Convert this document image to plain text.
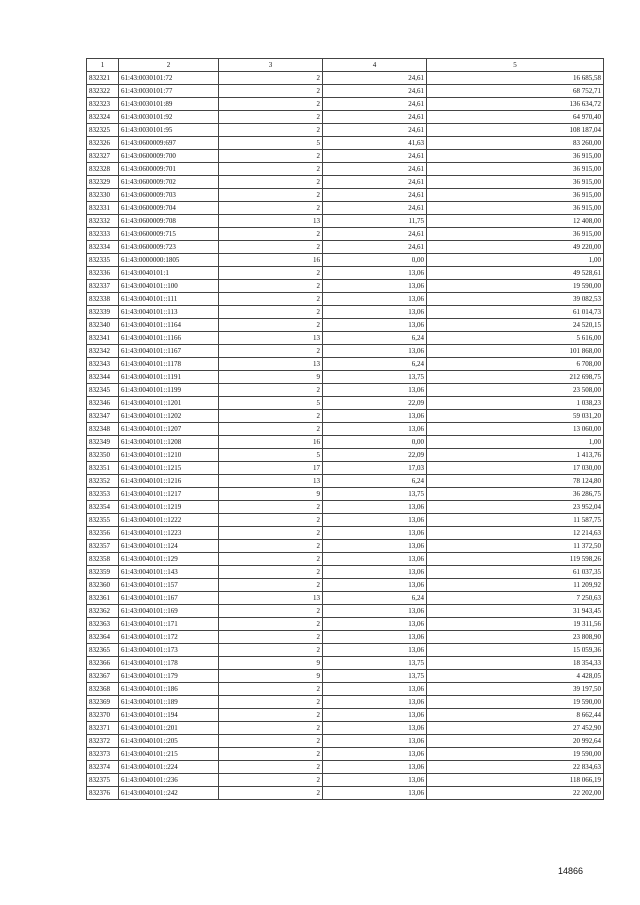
1	2	3	4	5
832321	61:43:0030101:72	2	24,61	16 685,58
832322	61:43:0030101:77	2	24,61	68 752,71
832323	61:43:0030101:89	2	24,61	136 634,72
832324	61:43:0030101:92	2	24,61	64 970,40
832325	61:43:0030101:95	2	24,61	108 187,04
832326	61:43:0600009:697	5	41,63	83 260,00
832327	61:43:0600009:700	2	24,61	36 915,00
832328	61:43:0600009:701	2	24,61	36 915,00
832329	61:43:0600009:702	2	24,61	36 915,00
832330	61:43:0600009:703	2	24,61	36 915,00
832331	61:43:0600009:704	2	24,61	36 915,00
832332	61:43:0600009:708	13	11,75	12 408,00
832333	61:43:0600009:715	2	24,61	36 915,00
832334	61:43:0600009:723	2	24,61	49 220,00
832335	61:43:0000000:1805	16	0,00	1,00
832336	61:43:0040101:1	2	13,06	49 528,61
832337	61:43:0040101::100	2	13,06	19 590,00
832338	61:43:0040101::111	2	13,06	39 082,53
832339	61:43:0040101::113	2	13,06	61 014,73
832340	61:43:0040101::1164	2	13,06	24 520,15
832341	61:43:0040101::1166	13	6,24	5 616,00
832342	61:43:0040101::1167	2	13,06	101 868,00
832343	61:43:0040101::1178	13	6,24	6 708,00
832344	61:43:0040101::1191	9	13,75	212 698,75
832345	61:43:0040101::1199	2	13,06	23 508,00
832346	61:43:0040101::1201	5	22,09	1 038,23
832347	61:43:0040101::1202	2	13,06	59 031,20
832348	61:43:0040101::1207	2	13,06	13 060,00
832349	61:43:0040101::1208	16	0,00	1,00
832350	61:43:0040101::1210	5	22,09	1 413,76
832351	61:43:0040101::1215	17	17,03	17 030,00
832352	61:43:0040101::1216	13	6,24	78 124,80
832353	61:43:0040101::1217	9	13,75	36 286,75
832354	61:43:0040101::1219	2	13,06	23 952,04
832355	61:43:0040101::1222	2	13,06	11 587,75
832356	61:43:0040101::1223	2	13,06	12 214,63
832357	61:43:0040101::124	2	13,06	11 372,50
832358	61:43:0040101::129	2	13,06	119 598,26
832359	61:43:0040101::143	2	13,06	61 037,35
832360	61:43:0040101::157	2	13,06	11 209,92
832361	61:43:0040101::167	13	6,24	7 250,63
832362	61:43:0040101::169	2	13,06	31 943,45
832363	61:43:0040101::171	2	13,06	19 311,56
832364	61:43:0040101::172	2	13,06	23 808,90
832365	61:43:0040101::173	2	13,06	15 059,36
832366	61:43:0040101::178	9	13,75	18 354,33
832367	61:43:0040101::179	9	13,75	4 428,05
832368	61:43:0040101::186	2	13,06	39 197,50
832369	61:43:0040101::189	2	13,06	19 590,00
832370	61:43:0040101::194	2	13,06	8 662,44
832371	61:43:0040101::201	2	13,06	27 452,90
832372	61:43:0040101::205	2	13,06	20 992,64
832373	61:43:0040101::215	2	13,06	19 590,00
832374	61:43:0040101::224	2	13,06	22 834,63
832375	61:43:0040101::236	2	13,06	118 066,19
832376	61:43:0040101::242	2	13,06	22 202,00
14866
